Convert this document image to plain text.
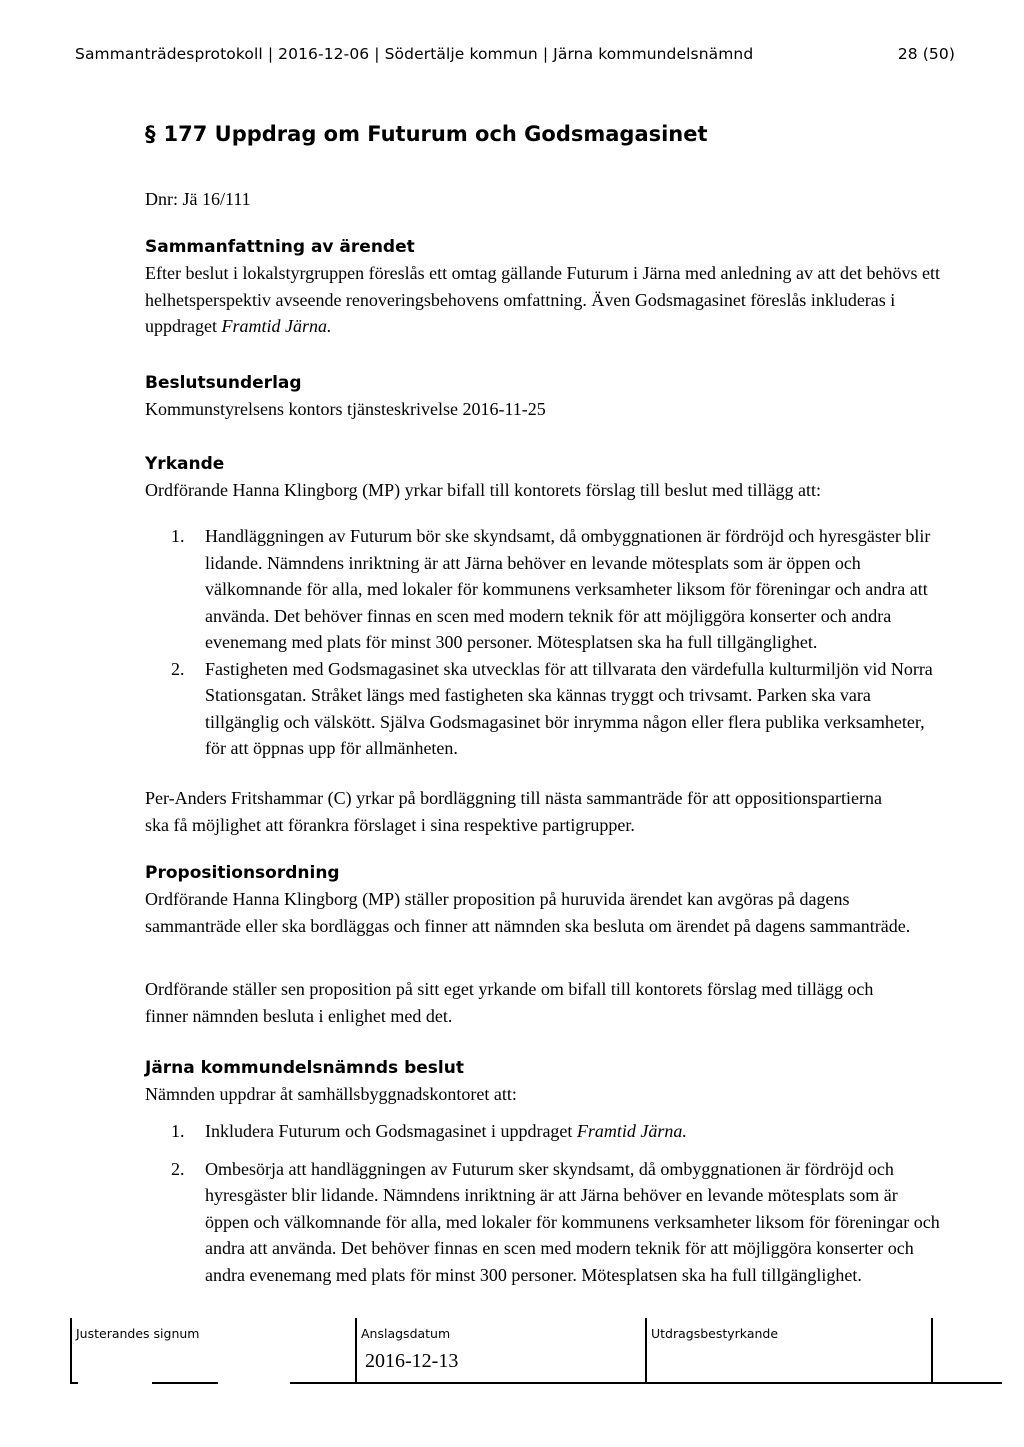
Sammanträdesprotokoll | 2016-12-06 | Södertälje kommun | Järna kommundelsnämnd	28 (50)
§ 177 Uppdrag om Futurum och Godsmagasinet
Dnr: Jä 16/111
Sammanfattning av ärendet

Efter beslut i lokalstyrgruppen föreslås ett omtag gällande Futurum i Järna med anledning av att det behövs ett helhetsperspektiv avseende renoveringsbehovens omfattning. Även Godsmagasinet föreslås inkluderas i uppdraget Framtid Järna.

Beslutsunderlag

Kommunstyrelsens kontors tjänsteskrivelse 2016-11-25

Yrkande

Ordförande Hanna Klingborg (MP) yrkar bifall till kontorets förslag till beslut med tillägg att:

1. Handläggningen av Futurum bör ske skyndsamt, då ombyggnationen är fördröjd och hyresgäster blir lidande. Nämndens inriktning är att Järna behöver en levande mötesplats som är öppen och välkomnande för alla, med lokaler för kommunens verksamheter liksom för föreningar och andra att använda. Det behöver finnas en scen med modern teknik för att möjliggöra konserter och andra evenemang med plats för minst 300 personer. Mötesplatsen ska ha full tillgänglighet.
2. Fastigheten med Godsmagasinet ska utvecklas för att tillvarata den värdefulla kulturmiljön vid Norra Stationsgatan. Stråket längs med fastigheten ska kännas tryggt och trivsamt. Parken ska vara tillgänglig och välskött. Själva Godsmagasinet bör inrymma någon eller flera publika verksamheter, för att öppnas upp för allmänheten.

Per-Anders Fritshammar (C) yrkar på bordläggning till nästa sammanträde för att oppositionspartierna ska få möjlighet att förankra förslaget i sina respektive partigrupper.

Propositionsordning

Ordförande Hanna Klingborg (MP) ställer proposition på huruvida ärendet kan avgöras på dagens sammanträde eller ska bordläggas och finner att nämnden ska besluta om ärendet på dagens sammanträde.

Ordförande ställer sen proposition på sitt eget yrkande om bifall till kontorets förslag med tillägg och finner nämnden besluta i enlighet med det.

Järna kommundelsnämnds beslut

Nämnden uppdrar åt samhällsbyggnadskontoret att:

1. Inkludera Futurum och Godsmagasinet i uppdraget Framtid Järna.
2. Ombesörja att handläggningen av Futurum sker skyndsamt, då ombyggnationen är fördröjd och hyresgäster blir lidande. Nämndens inriktning är att Järna behöver en levande mötesplats som är öppen och välkomnande för alla, med lokaler för kommunens verksamheter liksom för föreningar och andra att använda. Det behöver finnas en scen med modern teknik för att möjliggöra konserter och andra evenemang med plats för minst 300 personer. Mötesplatsen ska ha full tillgänglighet.
Justerandes signum	Anslagsdatum
2016-12-13
Utdragsbestyrkande
